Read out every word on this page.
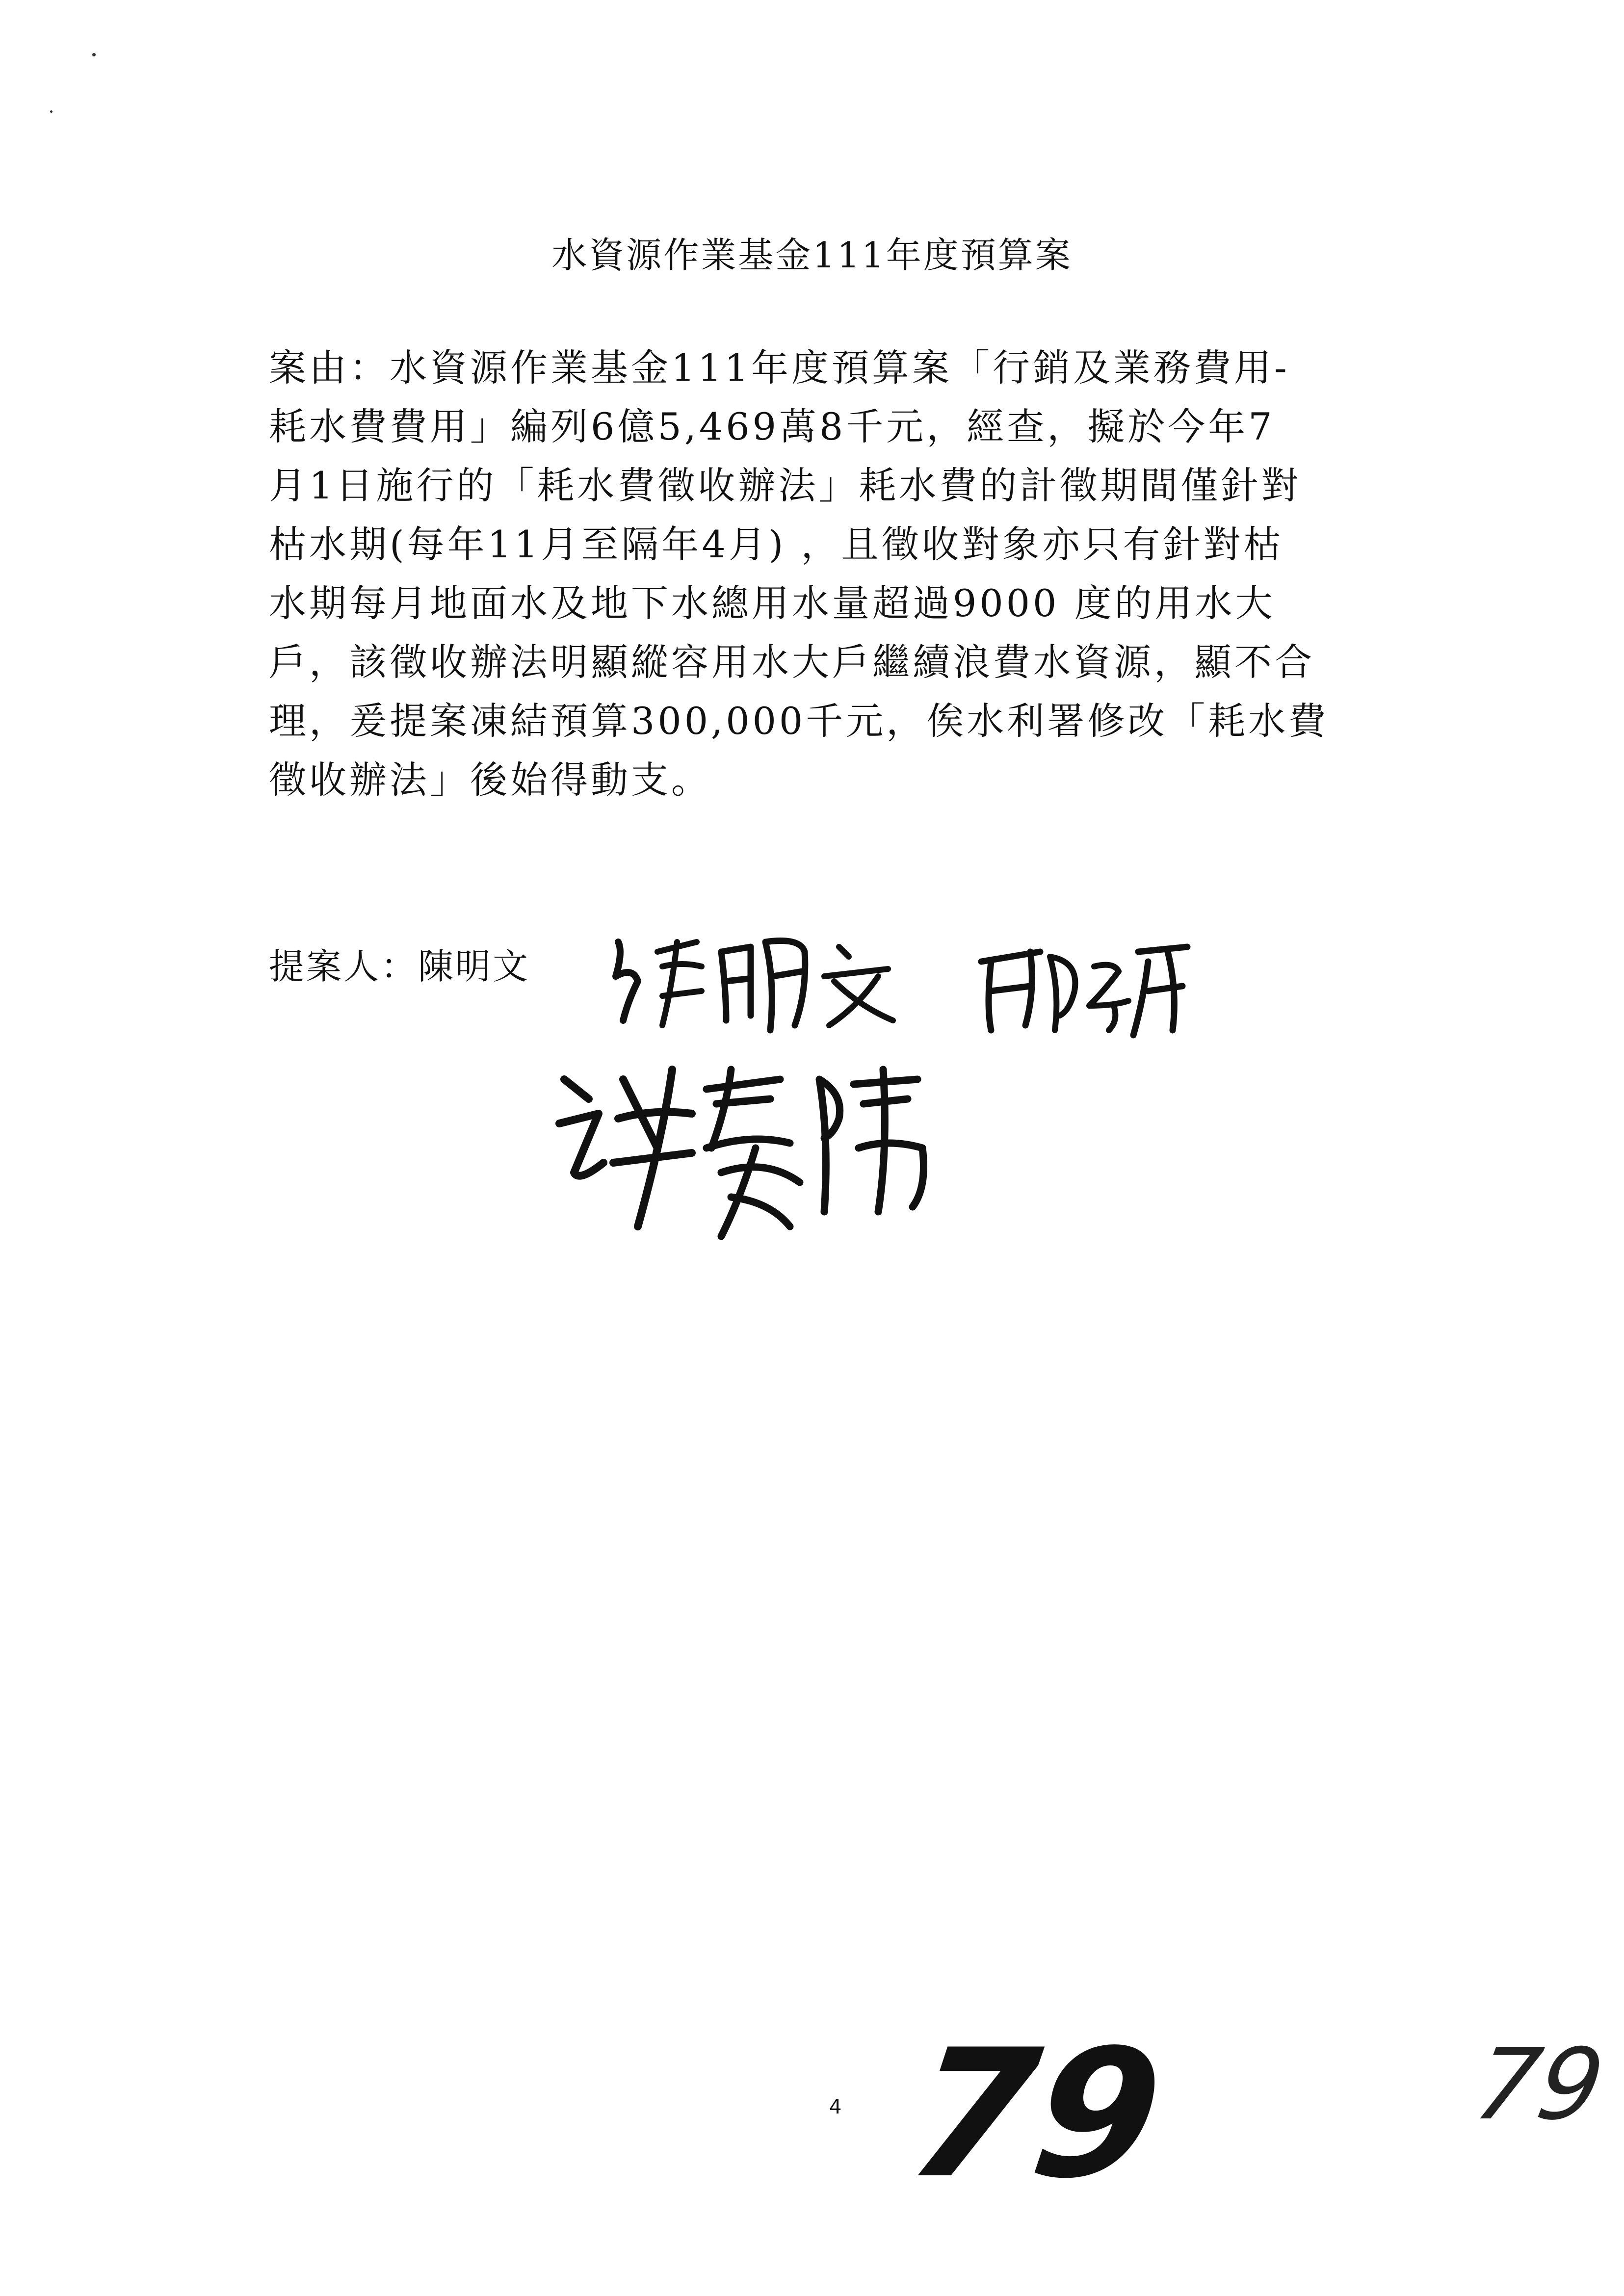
水資源作業基金111年度預算案
案由：水資源作業基金111年度預算案「行銷及業務費用-
耗水費費用」編列6億5,469萬8千元，經查，擬於今年7
月1日施行的「耗水費徵收辦法」耗水費的計徵期間僅針對
枯水期(每年11月至隔年4月) ，且徵收對象亦只有針對枯
水期每月地面水及地下水總用水量超過9000 度的用水大
戶，該徵收辦法明顯縱容用水大戶繼續浪費水資源，顯不合
理，爰提案凍結預算300,000千元，俟水利署修改「耗水費
徵收辦法」後始得動支。
提案人：陳明文
4 79	79
